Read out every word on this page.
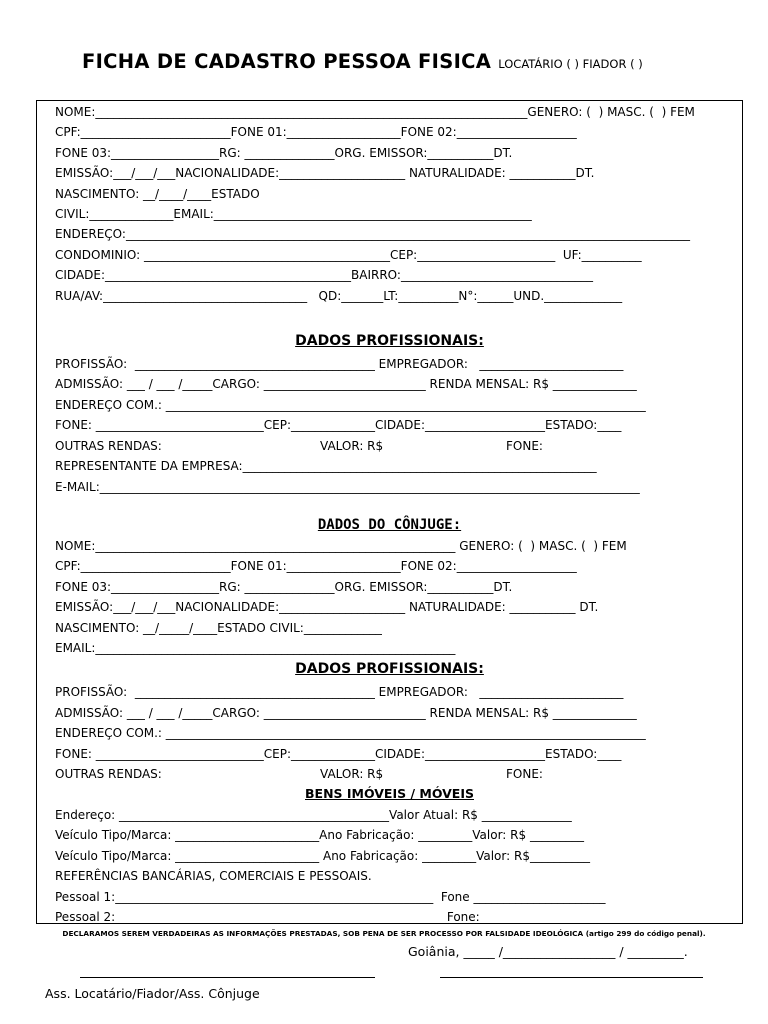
FICHA DE CADASTRO PESSOA FISICA LOCATÁRIO ( ) FIADOR ( )
NOME:________________________________________________________________________GENERO: (  ) MASC. (  ) FEM
CPF:_________________________FONE 01:___________________FONE 02:____________________
FONE 03:__________________RG: _______________ORG. EMISSOR:___________DT.
EMISSÃO:___/___/___NACIONALIDADE:_____________________ NATURALIDADE: ___________DT.
NASCIMENTO: __/____/____ESTADO
CIVIL:______________EMAIL:_____________________________________________________
ENDEREÇO:______________________________________________________________________________________________
CONDOMINIO: _________________________________________CEP:_______________________  UF:__________
CIDADE:_________________________________________BAIRRO:________________________________
RUA/AV:__________________________________   QD:_______LT:__________N°:______UND._____________
DADOS PROFISSIONAIS:
PROFISSÃO:  ________________________________________ EMPREGADOR:   ________________________
ADMISSÃO: ___ / ___ /_____CARGO: ___________________________ RENDA MENSAL: R$ ______________
ENDEREÇO COM.: ________________________________________________________________________________
FONE: ____________________________CEP:______________CIDADE:____________________ESTADO:____
OUTRAS RENDAS:	VALOR: R$	FONE:
REPRESENTANTE DA EMPRESA:___________________________________________________________
E-MAIL:__________________________________________________________________________________________
DADOS DO CÔNJUGE:
NOME:____________________________________________________________ GENERO: (  ) MASC. (  ) FEM
CPF:_________________________FONE 01:___________________FONE 02:____________________
FONE 03:__________________RG: _______________ORG. EMISSOR:___________DT.
EMISSÃO:___/___/___NACIONALIDADE:_____________________ NATURALIDADE: ___________ DT.
NASCIMENTO: __/_____/____ESTADO CIVIL:_____________
EMAIL:____________________________________________________________
DADOS PROFISSIONAIS:
PROFISSÃO:  ________________________________________ EMPREGADOR:   ________________________
ADMISSÃO: ___ / ___ /_____CARGO: ___________________________ RENDA MENSAL: R$ ______________
ENDEREÇO COM.: ________________________________________________________________________________
FONE: ____________________________CEP:______________CIDADE:____________________ESTADO:____
OUTRAS RENDAS:	VALOR: R$	FONE:
BENS IMÓVEIS / MÓVEIS
Endereço: _____________________________________________Valor Atual: R$ _______________
Veículo Tipo/Marca: ________________________Ano Fabricação: _________Valor: R$ _________
Veículo Tipo/Marca: ________________________ Ano Fabricação: _________Valor: R$__________
REFERÊNCIAS BANCÁRIAS, COMERCIAIS E PESSOAIS.
Pessoal 1:_____________________________________________________  Fone ______________________
Pessoal 2:______________________________________________________  Fone: _____________________
DECLARAMOS SEREM VERDADEIRAS AS INFORMAÇÕES PRESTADAS, SOB PENA DE SER PROCESSO POR FALSIDADE IDEOLÓGICA (artigo 299 do código penal).
Goiânia, _____ /__________________ / _________.
Ass. Locatário/Fiador/Ass. Cônjuge
